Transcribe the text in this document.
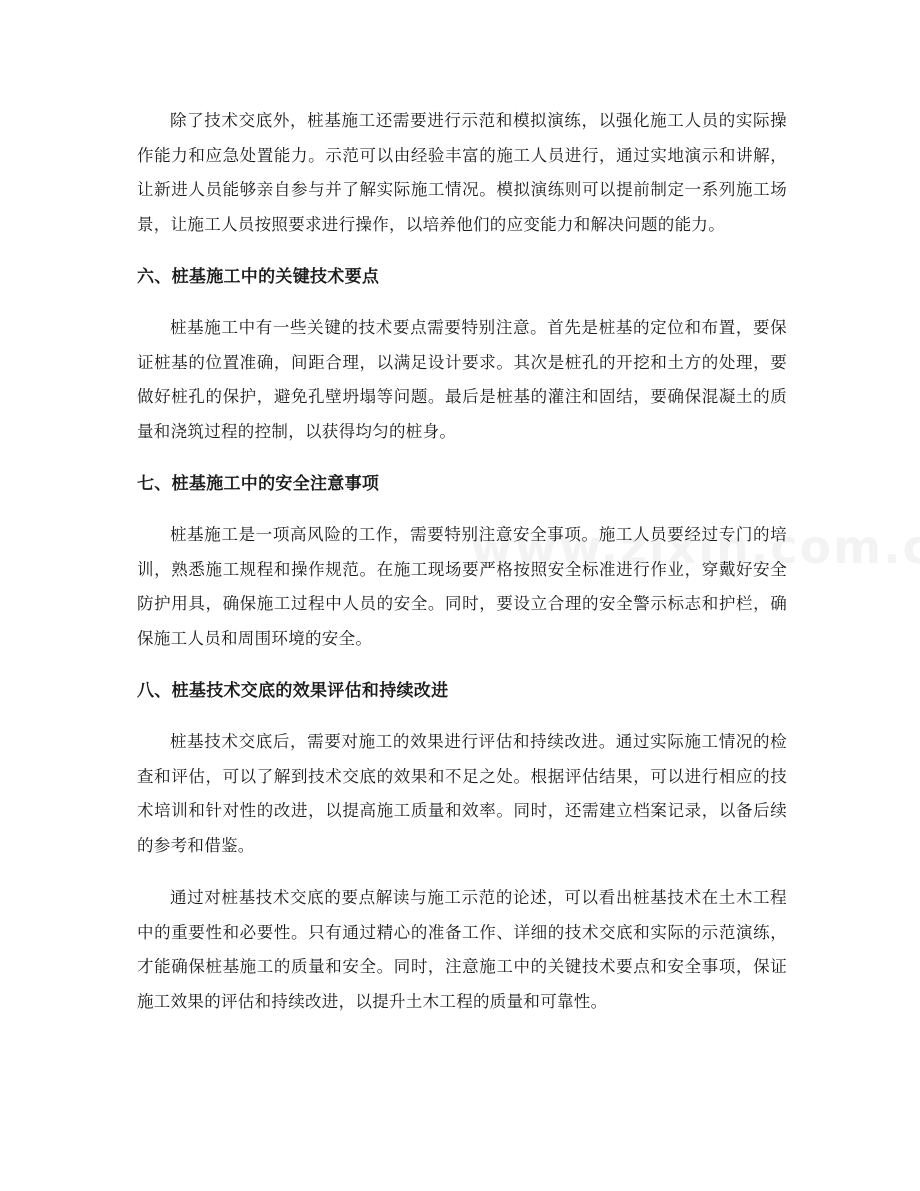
除了技术交底外，桩基施工还需要进行示范和模拟演练，以强化施工人员的实际操作能力和应急处置能力。示范可以由经验丰富的施工人员进行，通过实地演示和讲解，让新进人员能够亲自参与并了解实际施工情况。模拟演练则可以提前制定一系列施工场景，让施工人员按照要求进行操作，以培养他们的应变能力和解决问题的能力。

六、桩基施工中的关键技术要点

桩基施工中有一些关键的技术要点需要特别注意。首先是桩基的定位和布置，要保证桩基的位置准确，间距合理，以满足设计要求。其次是桩孔的开挖和土方的处理，要做好桩孔的保护，避免孔壁坍塌等问题。最后是桩基的灌注和固结，要确保混凝土的质量和浇筑过程的控制，以获得均匀的桩身。

七、桩基施工中的安全注意事项

桩基施工是一项高风险的工作，需要特别注意安全事项。施工人员要经过专门的培训，熟悉施工规程和操作规范。在施工现场要严格按照安全标准进行作业，穿戴好安全防护用具，确保施工过程中人员的安全。同时，要设立合理的安全警示标志和护栏，确保施工人员和周围环境的安全。

八、桩基技术交底的效果评估和持续改进

桩基技术交底后，需要对施工的效果进行评估和持续改进。通过实际施工情况的检查和评估，可以了解到技术交底的效果和不足之处。根据评估结果，可以进行相应的技术培训和针对性的改进，以提高施工质量和效率。同时，还需建立档案记录，以备后续的参考和借鉴。

通过对桩基技术交底的要点解读与施工示范的论述，可以看出桩基技术在土木工程中的重要性和必要性。只有通过精心的准备工作、详细的技术交底和实际的示范演练，才能确保桩基施工的质量和安全。同时，注意施工中的关键技术要点和安全事项，保证施工效果的评估和持续改进，以提升土木工程的质量和可靠性。
